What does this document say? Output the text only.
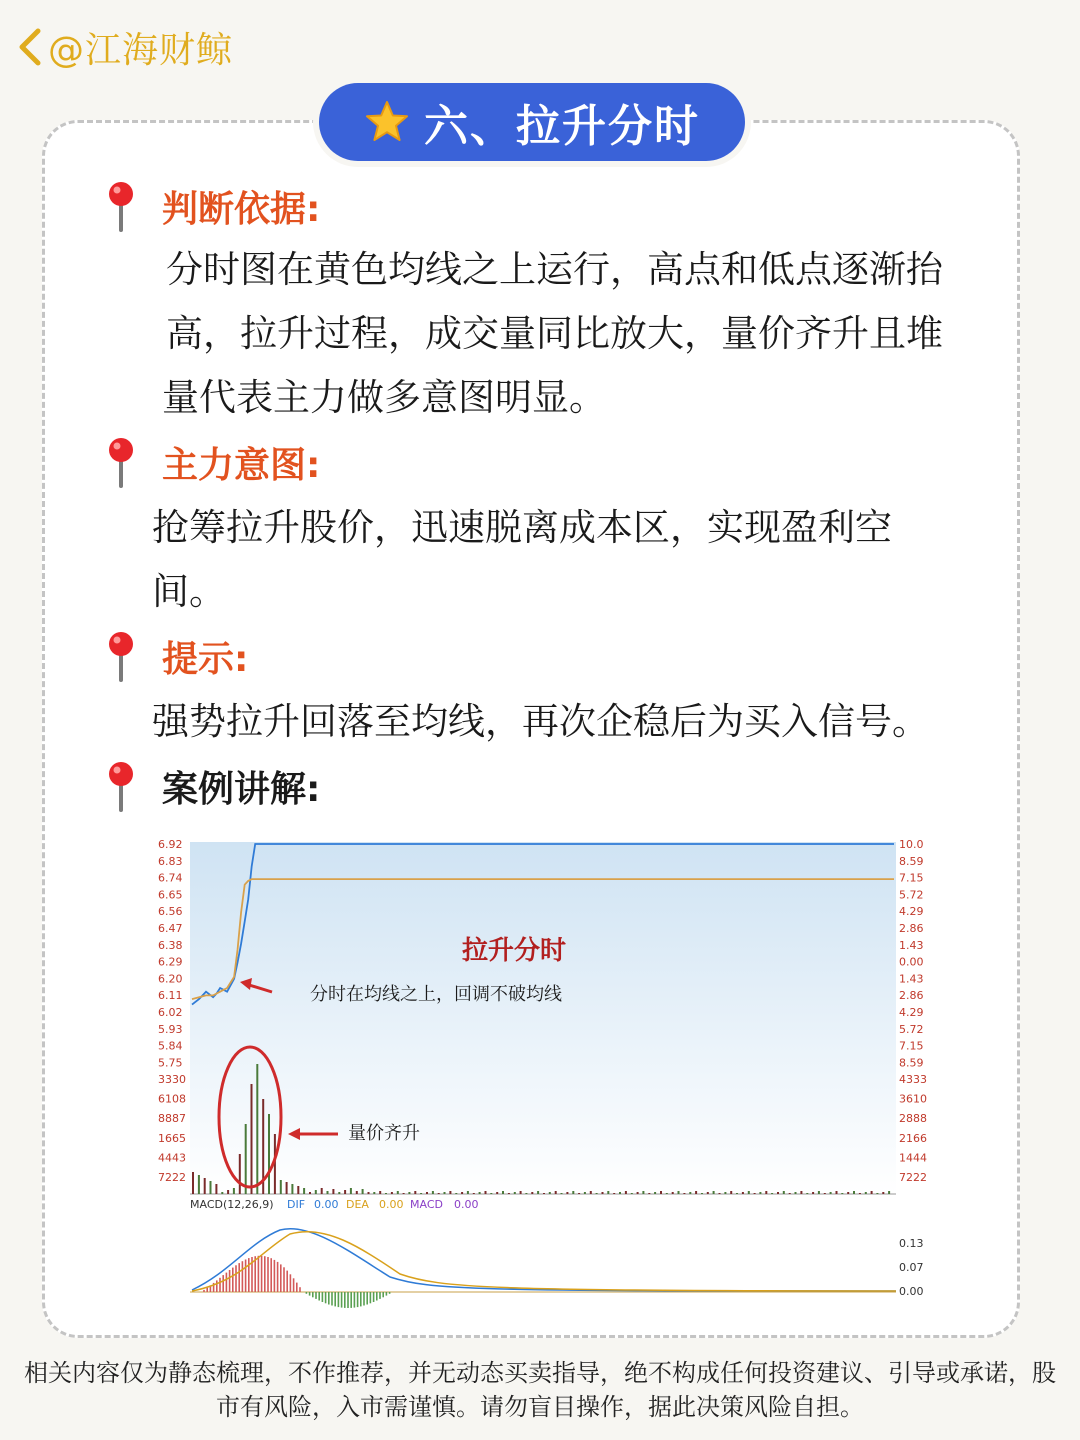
@江海财鲸
六、拉升分时
判断依据:
分时图在黄色均线之上运行，高点和低点逐渐抬
高，拉升过程，成交量同比放大，量价齐升且堆
量代表主力做多意图明显。
主力意图:
抢筹拉升股价，迅速脱离成本区，实现盈利空
间。
提示:
强势拉升回落至均线，再次企稳后为买入信号。
案例讲解:
6.92
6.83
6.74
6.65
6.56
6.47
6.38
6.29
6.20
6.11
6.02
5.93
5.84
5.75
10.0
8.59
7.15
5.72
4.29
2.86
1.43
0.00
1.43
2.86
4.29
5.72
7.15
8.59
3330
6108
8887
1665
4443
7222
4333
3610
2888
2166
1444
7222
0.13
0.07
0.00
拉升分时
分时在均线之上，回调不破均线
量价齐升
MACD(12,26,9) DIF 0.00 DEA 0.00 MACD 0.00
相关内容仅为静态梳理，不作推荐，并无动态买卖指导，绝不构成任何投资建议、引导或承诺，股
市有风险，入市需谨慎。请勿盲目操作，据此决策风险自担。
